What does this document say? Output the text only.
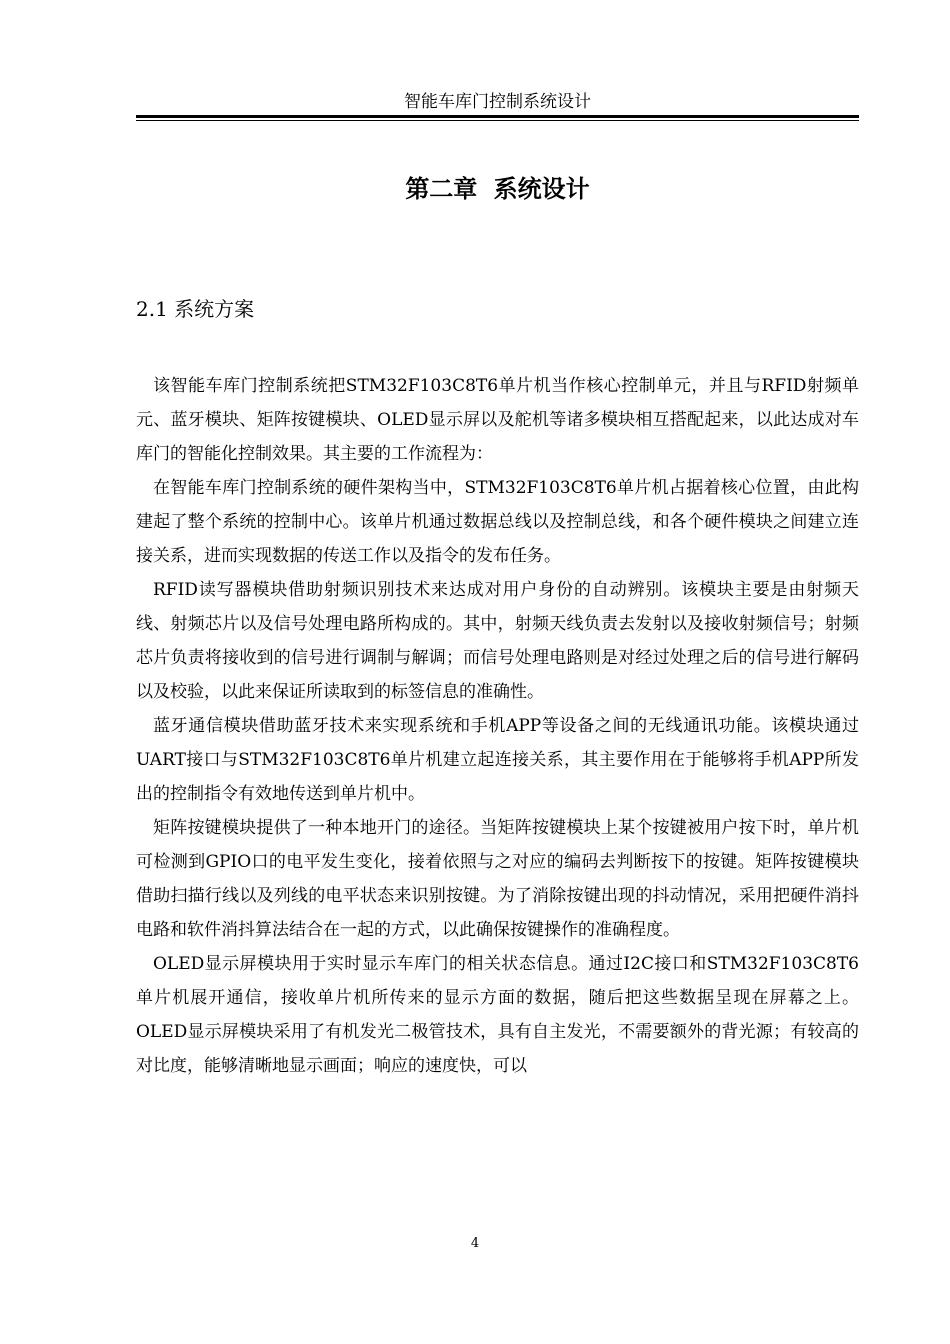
智能车库门控制系统设计
第二章 系统设计
2.1 系统方案

该智能车库门控制系统把STM32F103C8T6单片机当作核心控制单元，并且与RFID射频单元、蓝牙模块、矩阵按键模块、OLED显示屏以及舵机等诸多模块相互搭配起来，以此达成对车库门的智能化控制效果。其主要的工作流程为：

在智能车库门控制系统的硬件架构当中，STM32F103C8T6单片机占据着核心位置，由此构建起了整个系统的控制中心。该单片机通过数据总线以及控制总线，和各个硬件模块之间建立连接关系，进而实现数据的传送工作以及指令的发布任务。

RFID读写器模块借助射频识别技术来达成对用户身份的自动辨别。该模块主要是由射频天线、射频芯片以及信号处理电路所构成的。其中，射频天线负责去发射以及接收射频信号；射频芯片负责将接收到的信号进行调制与解调；而信号处理电路则是对经过处理之后的信号进行解码以及校验，以此来保证所读取到的标签信息的准确性。

蓝牙通信模块借助蓝牙技术来实现系统和手机APP等设备之间的无线通讯功能。该模块通过UART接口与STM32F103C8T6单片机建立起连接关系，其主要作用在于能够将手机APP所发出的控制指令有效地传送到单片机中。

矩阵按键模块提供了一种本地开门的途径。当矩阵按键模块上某个按键被用户按下时，单片机可检测到GPIO口的电平发生变化，接着依照与之对应的编码去判断按下的按键。矩阵按键模块借助扫描行线以及列线的电平状态来识别按键。为了消除按键出现的抖动情况，采用把硬件消抖电路和软件消抖算法结合在一起的方式，以此确保按键操作的准确程度。

OLED显示屏模块用于实时显示车库门的相关状态信息。通过I2C接口和STM32F103C8T6单片机展开通信，接收单片机所传来的显示方面的数据，随后把这些数据呈现在屏幕之上。OLED显示屏模块采用了有机发光二极管技术，具有自主发光，不需要额外的背光源；有较高的对比度，能够清晰地显示画面；响应的速度快，可以

4
